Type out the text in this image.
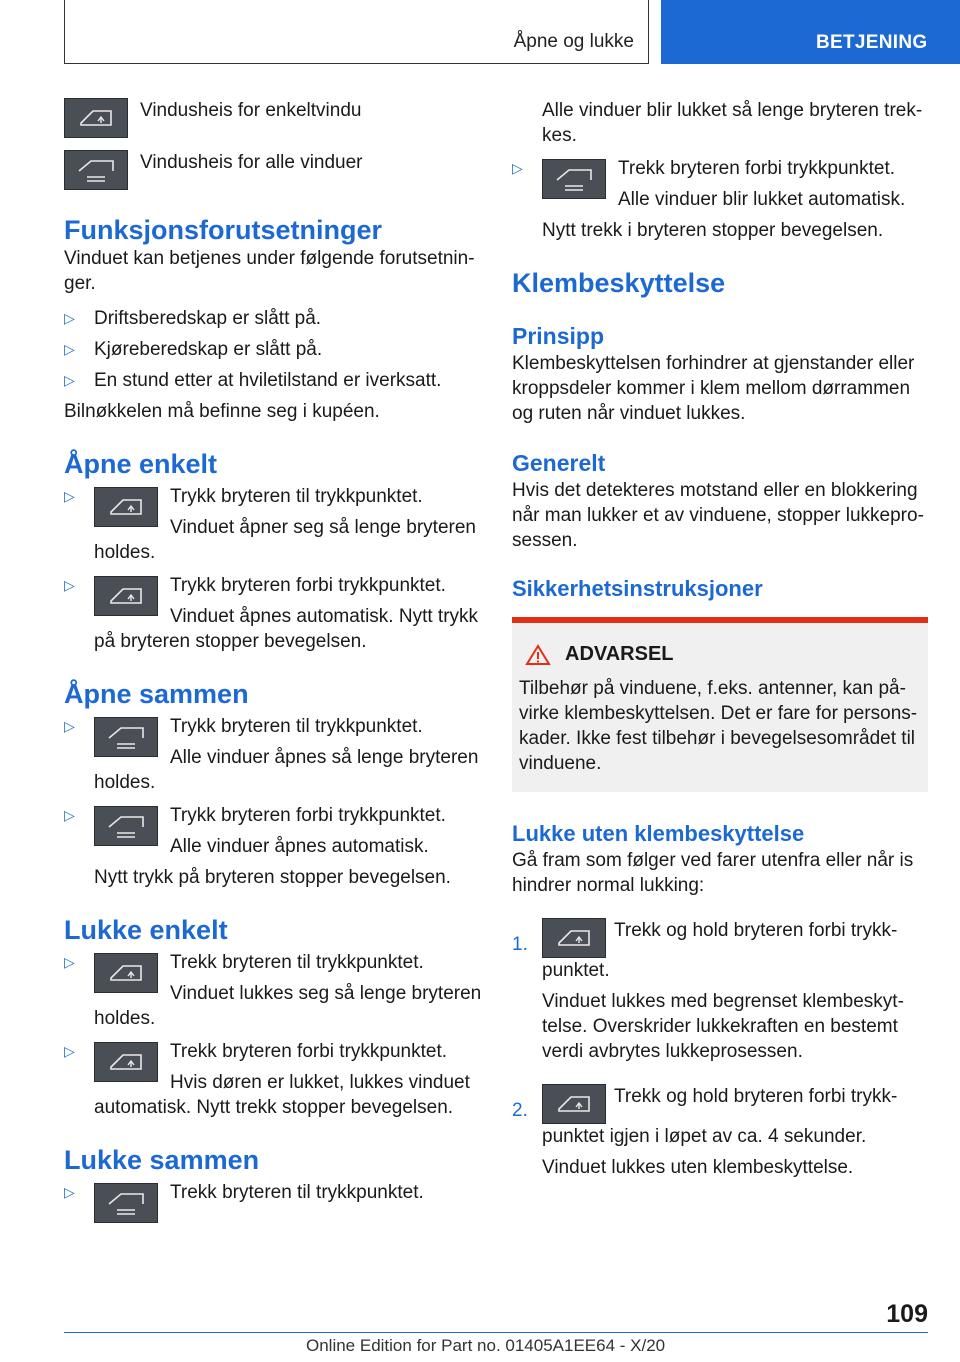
Åpne og lukke	BETJENING

Vindusheis for enkeltvindu

Vindusheis for alle vinduer

Funksjonsforutsetninger

Vinduet kan betjenes under følgende forutsetninger.

▷	Driftsberedskap er slått på.
▷	Kjøreberedskap er slått på.
▷	En stund etter at hviletilstand er iverksatt.

Bilnøkkelen må befinne seg i kupéen.

Åpne enkelt
▷	Trykk bryteren til trykkpunktet.
Vinduet åpner seg så lenge bryteren holdes.
▷	Trykk bryteren forbi trykkpunktet.
Vinduet åpnes automatisk. Nytt trykk på bryteren stopper bevegelsen.
Åpne sammen
▷	Trykk bryteren til trykkpunktet.
Alle vinduer åpnes så lenge bryteren holdes.
▷	Trykk bryteren forbi trykkpunktet.
Alle vinduer åpnes automatisk.
Nytt trykk på bryteren stopper bevegelsen.
Lukke enkelt
▷	Trekk bryteren til trykkpunktet.
Vinduet lukkes seg så lenge bryteren holdes.
▷	Trekk bryteren forbi trykkpunktet.
Hvis døren er lukket, lukkes vinduet automatisk. Nytt trekk stopper bevegelsen.
Lukke sammen
▷	Trekk bryteren til trykkpunktet.

Alle vinduer blir lukket så lenge bryteren trekkes.

▷	Trekk bryteren forbi trykkpunktet.
Alle vinduer blir lukket automatisk.
Nytt trekk i bryteren stopper bevegelsen.
Klembeskyttelse
Prinsipp

Klembeskyttelsen forhindrer at gjenstander eller kroppsdeler kommer i klem mellom dørrammen og ruten når vinduet lukkes.

Generelt

Hvis det detekteres motstand eller en blokkering når man lukker et av vinduene, stopper lukkeprosessen.

Sikkerhetsinstruksjoner
ADVARSEL

Tilbehør på vinduene, f.eks. antenner, kan påvirke klembeskyttelsen. Det er fare for personskader. Ikke fest tilbehør i bevegelsesområdet til vinduene.

Lukke uten klembeskyttelse

Gå fram som følger ved farer utenfra eller når is hindrer normal lukking:

1.
Trekk og hold bryteren forbi trykkpunktet.
Vinduet lukkes med begrenset klembeskyttelse. Overskrider lukkekraften en bestemt verdi avbrytes lukkeprosessen.
2.
Trekk og hold bryteren forbi trykkpunktet igjen i løpet av ca. 4 sekunder.
Vinduet lukkes uten klembeskyttelse.
109
Online Edition for Part no. 01405A1EE64 - X/20
